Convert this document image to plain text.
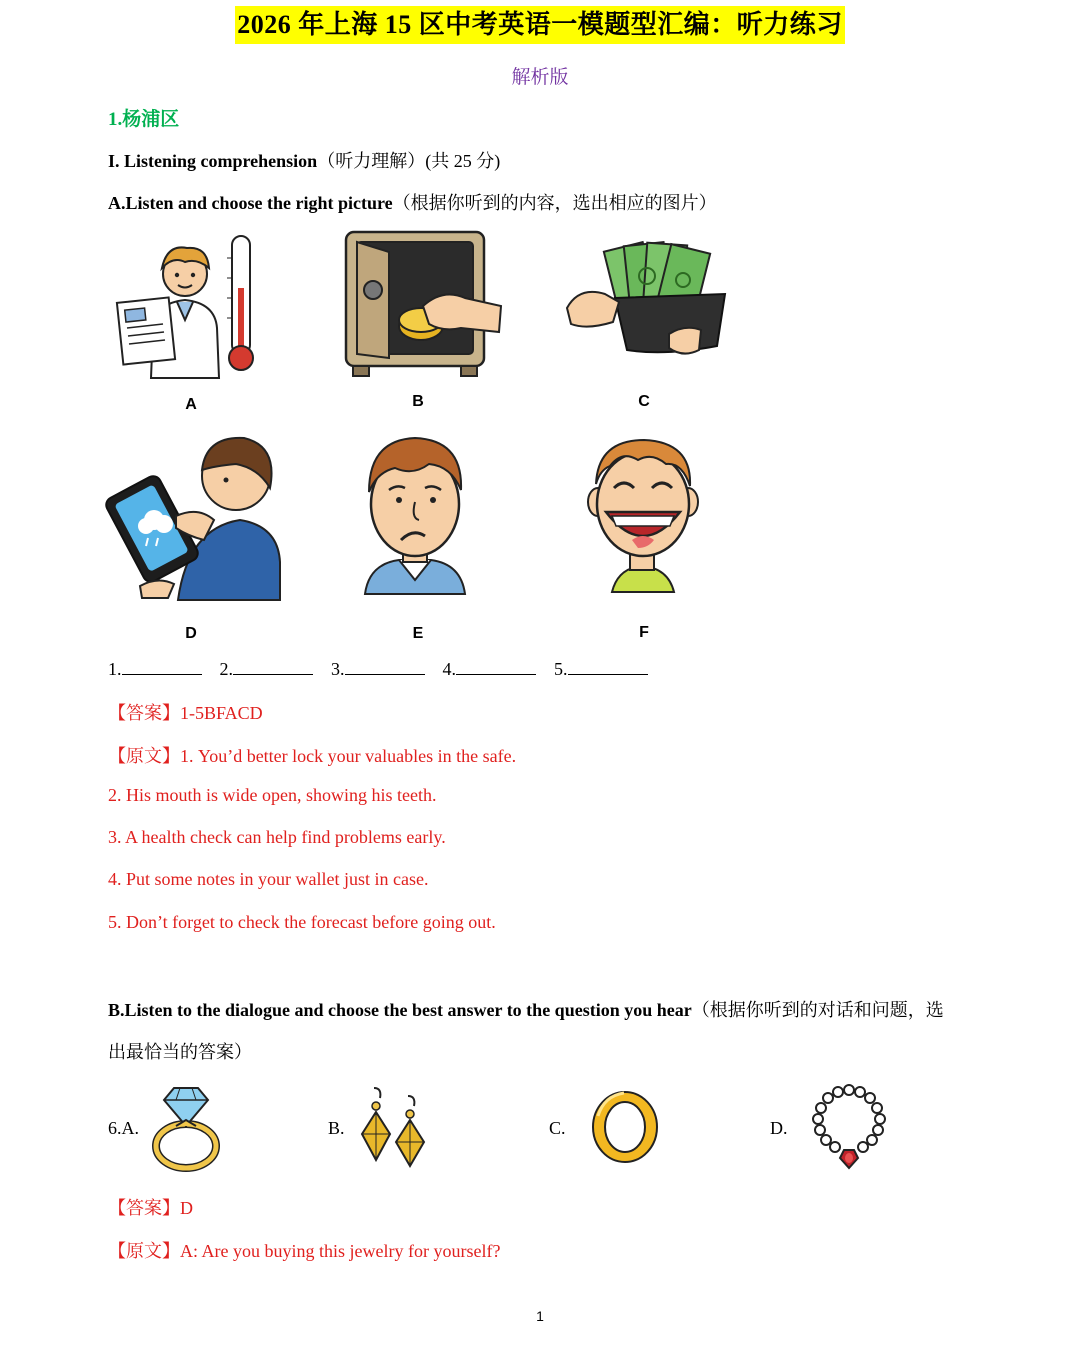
2026 年上海 15 区中考英语一模题型汇编：听力练习
解析版
1.杨浦区
I. Listening comprehension（听力理解）(共 25 分)
A.Listen and choose the right picture（根据你听到的内容，选出相应的图片）
A	B	C
D	E	F
1.	2.	3.	4.	5.
【答案】1-5BFACD
【原文】1. You’d better lock your valuables in the safe.
2. His mouth is wide open, showing his teeth.
3. A health check can help find problems early.
4. Put some notes in your wallet just in case.
5. Don’t forget to check the forecast before going out.
B.Listen to the dialogue and choose the best answer to the question you hear（根据你听到的对话和问题，选
出最恰当的答案）
6.A.	B.	C.	D.
【答案】D
【原文】A: Are you buying this jewelry for yourself?
1
